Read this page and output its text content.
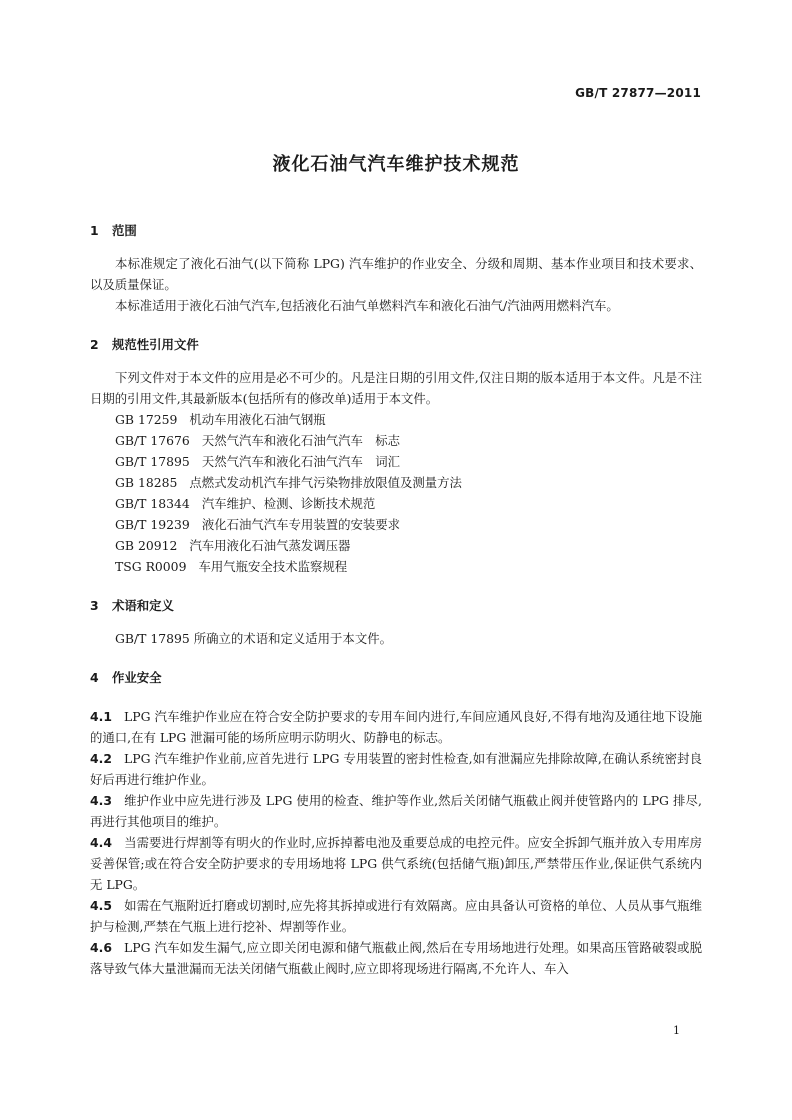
GB/T 27877—2011
液化石油气汽车维护技术规范
1 范围

本标准规定了液化石油气(以下简称 LPG) 汽车维护的作业安全、分级和周期、基本作业项目和技术要求、以及质量保证。

本标准适用于液化石油气汽车,包括液化石油气单燃料汽车和液化石油气/汽油两用燃料汽车。

2 规范性引用文件

下列文件对于本文件的应用是必不可少的。凡是注日期的引用文件,仅注日期的版本适用于本文件。凡是不注日期的引用文件,其最新版本(包括所有的修改单)适用于本文件。

GB 17259 机动车用液化石油气钢瓶
GB/T 17676 天然气汽车和液化石油气汽车　标志
GB/T 17895 天然气汽车和液化石油气汽车　词汇
GB 18285 点燃式发动机汽车排气污染物排放限值及测量方法
GB/T 18344 汽车维护、检测、诊断技术规范
GB/T 19239 液化石油气汽车专用装置的安装要求
GB 20912 汽车用液化石油气蒸发调压器
TSG R0009 车用气瓶安全技术监察规程
3 术语和定义

GB/T 17895 所确立的术语和定义适用于本文件。

4 作业安全

4.1 LPG 汽车维护作业应在符合安全防护要求的专用车间内进行,车间应通风良好,不得有地沟及通往地下设施的通口,在有 LPG 泄漏可能的场所应明示防明火、防静电的标志。

4.2 LPG 汽车维护作业前,应首先进行 LPG 专用装置的密封性检查,如有泄漏应先排除故障,在确认系统密封良好后再进行维护作业。

4.3 维护作业中应先进行涉及 LPG 使用的检查、维护等作业,然后关闭储气瓶截止阀并使管路内的 LPG 排尽,再进行其他项目的维护。

4.4 当需要进行焊割等有明火的作业时,应拆掉蓄电池及重要总成的电控元件。应安全拆卸气瓶并放入专用库房妥善保管;或在符合安全防护要求的专用场地将 LPG 供气系统(包括储气瓶)卸压,严禁带压作业,保证供气系统内无 LPG。

4.5 如需在气瓶附近打磨或切割时,应先将其拆掉或进行有效隔离。应由具备认可资格的单位、人员从事气瓶维护与检测,严禁在气瓶上进行挖补、焊割等作业。

4.6 LPG 汽车如发生漏气,应立即关闭电源和储气瓶截止阀,然后在专用场地进行处理。如果高压管路破裂或脱落导致气体大量泄漏而无法关闭储气瓶截止阀时,应立即将现场进行隔离,不允许人、车入

1
